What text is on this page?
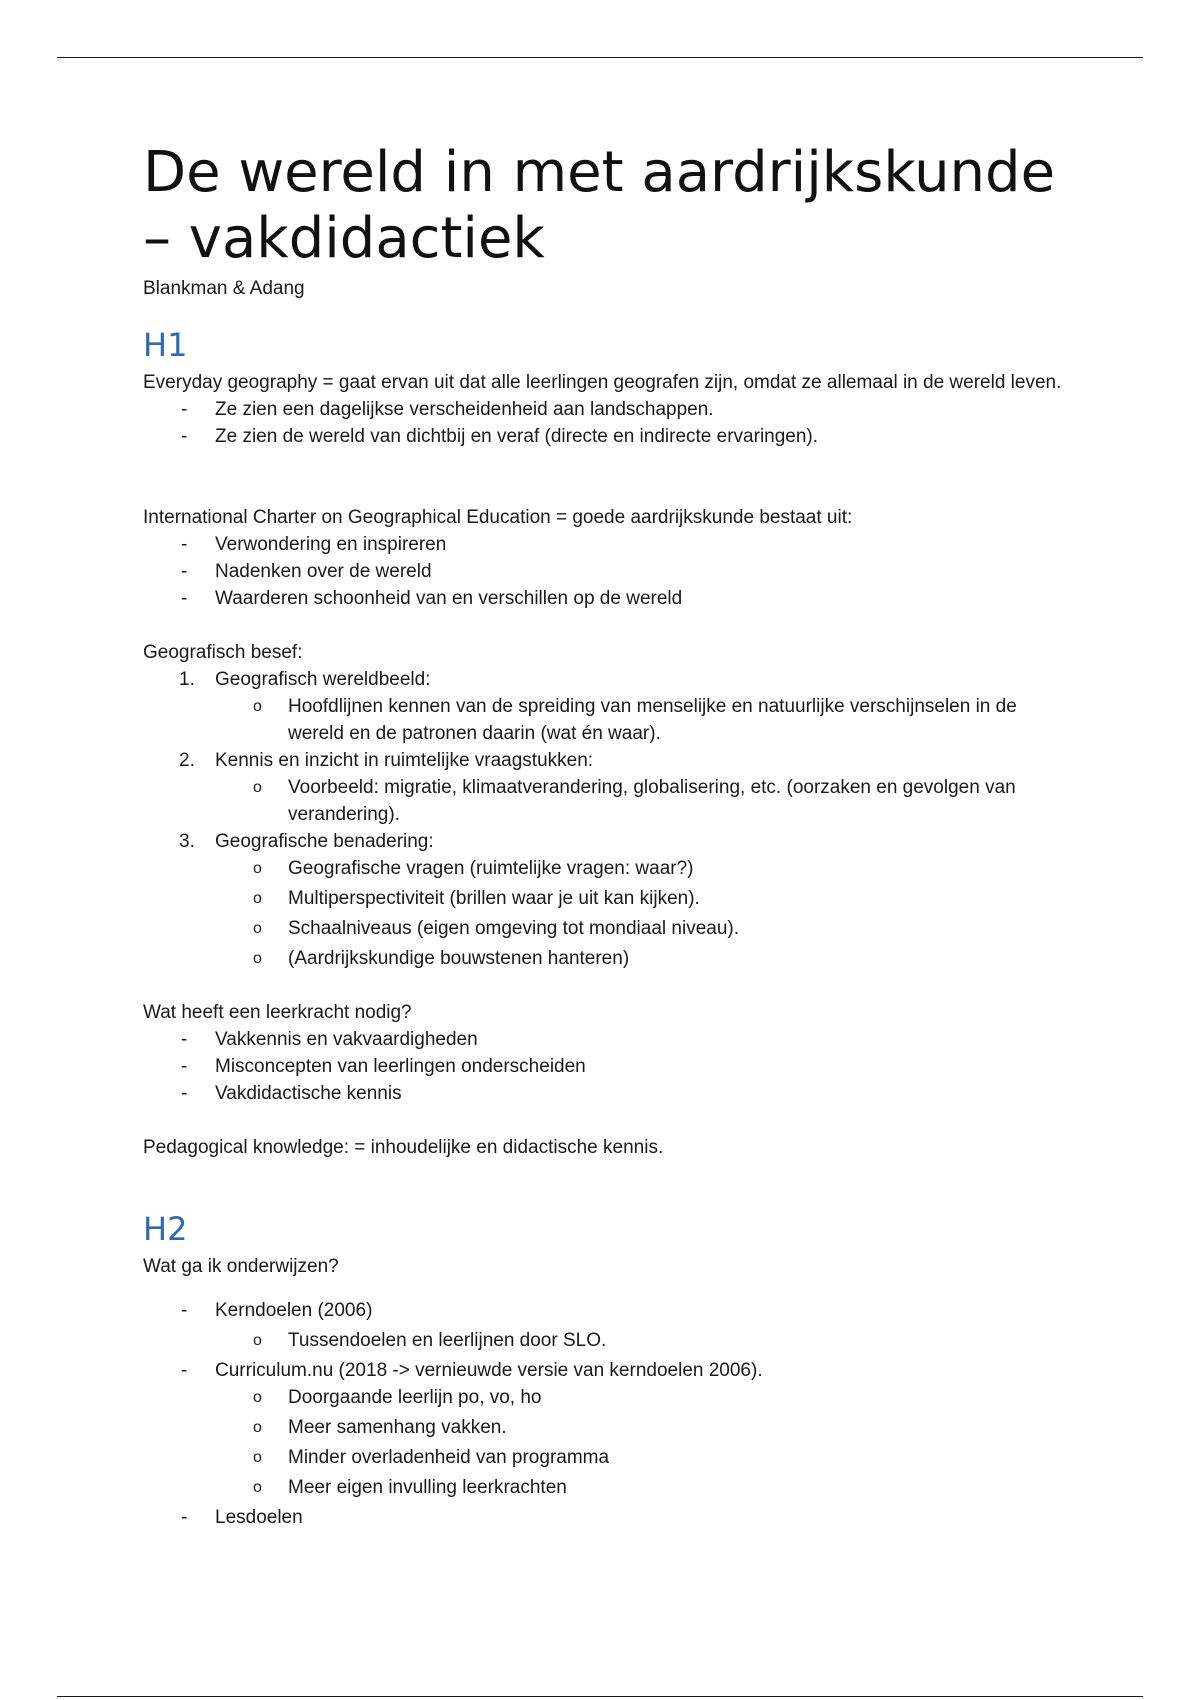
De wereld in met aardrijkskunde – vakdidactiek
Blankman & Adang
H1

Everyday geography = gaat ervan uit dat alle leerlingen geografen zijn, omdat ze allemaal in de wereld leven.

- Ze zien een dagelijkse verscheidenheid aan landschappen.

- Ze zien de wereld van dichtbij en veraf (directe en indirecte ervaringen).

International Charter on Geographical Education = goede aardrijkskunde bestaat uit:

- Verwondering en inspireren

- Nadenken over de wereld

- Waarderen schoonheid van en verschillen op de wereld

Geografisch besef:

1. Geografisch wereldbeeld:

o Hoofdlijnen kennen van de spreiding van menselijke en natuurlijke verschijnselen in de wereld en de patronen daarin (wat én waar).

2. Kennis en inzicht in ruimtelijke vraagstukken:

o Voorbeeld: migratie, klimaatverandering, globalisering, etc. (oorzaken en gevolgen van verandering).

3. Geografische benadering:

o Geografische vragen (ruimtelijke vragen: waar?)

o Multiperspectiviteit (brillen waar je uit kan kijken).

o Schaalniveaus (eigen omgeving tot mondiaal niveau).

o (Aardrijkskundige bouwstenen hanteren)

Wat heeft een leerkracht nodig?

- Vakkennis en vakvaardigheden

- Misconcepten van leerlingen onderscheiden

- Vakdidactische kennis

Pedagogical knowledge: = inhoudelijke en didactische kennis.

H2

Wat ga ik onderwijzen?

- Kerndoelen (2006)

o Tussendoelen en leerlijnen door SLO.

- Curriculum.nu (2018 -> vernieuwde versie van kerndoelen 2006).

o Doorgaande leerlijn po, vo, ho

o Meer samenhang vakken.

o Minder overladenheid van programma

o Meer eigen invulling leerkrachten

- Lesdoelen
